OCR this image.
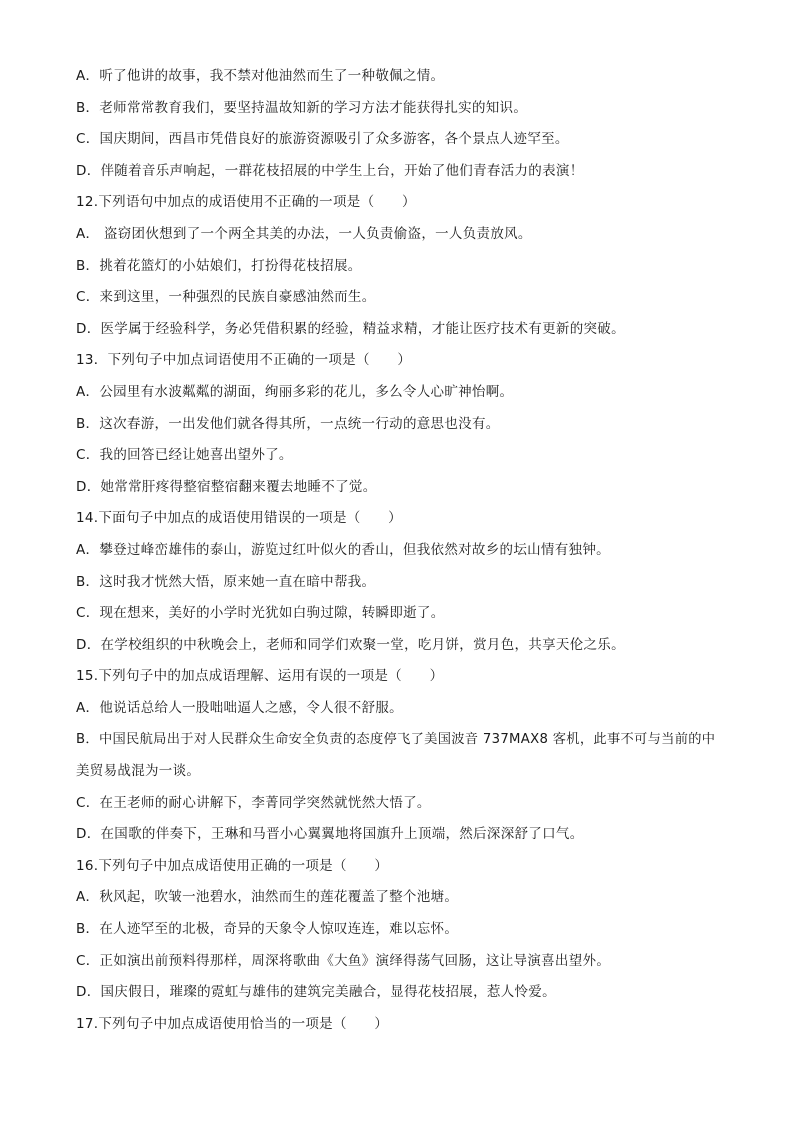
A．听了他讲的故事，我不禁对他油然而生了一种敬佩之情。
B．老师常常教育我们，要坚持温故知新的学习方法才能获得扎实的知识。
C．国庆期间，西昌市凭借良好的旅游资源吸引了众多游客，各个景点人迹罕至。
D．伴随着音乐声响起，一群花枝招展的中学生上台，开始了他们青春活力的表演！
12.下列语句中加点的成语使用不正确的一项是（　　）
A． 盗窃团伙想到了一个两全其美的办法，一人负责偷盗，一人负责放风。
B．挑着花篮灯的小姑娘们，打扮得花枝招展。
C．来到这里，一种强烈的民族自豪感油然而生。
D．医学属于经验科学，务必凭借积累的经验，精益求精，才能让医疗技术有更新的突破。
13．下列句子中加点词语使用不正确的一项是（　　）
A．公园里有水波粼粼的湖面，绚丽多彩的花儿，多么令人心旷神怡啊。
B．这次春游，一出发他们就各得其所，一点统一行动的意思也没有。
C．我的回答已经让她喜出望外了。
D．她常常肝疼得整宿整宿翻来覆去地睡不了觉。
14.下面句子中加点的成语使用错误的一项是（　　）
A．攀登过峰峦雄伟的泰山，游览过红叶似火的香山，但我依然对故乡的坛山情有独钟。
B．这时我才恍然大悟，原来她一直在暗中帮我。
C．现在想来，美好的小学时光犹如白驹过隙，转瞬即逝了。
D．在学校组织的中秋晚会上，老师和同学们欢聚一堂，吃月饼，赏月色，共享天伦之乐。
15.下列句子中的加点成语理解、运用有误的一项是（　　）
A．他说话总给人一股咄咄逼人之感，令人很不舒服。
B．中国民航局出于对人民群众生命安全负责的态度停飞了美国波音 737MAX8 客机，此事不可与当前的中
美贸易战混为一谈。
C．在王老师的耐心讲解下，李菁同学突然就恍然大悟了。
D．在国歌的伴奏下，王琳和马晋小心翼翼地将国旗升上顶端，然后深深舒了口气。
16.下列句子中加点成语使用正确的一项是（　　）
A．秋风起，吹皱一池碧水，油然而生的莲花覆盖了整个池塘。
B．在人迹罕至的北极，奇异的天象令人惊叹连连，难以忘怀。
C．正如演出前预料得那样，周深将歌曲《大鱼》演绎得荡气回肠，这让导演喜出望外。
D．国庆假日，璀璨的霓虹与雄伟的建筑完美融合，显得花枝招展，惹人怜爱。
17.下列句子中加点成语使用恰当的一项是（　　）
